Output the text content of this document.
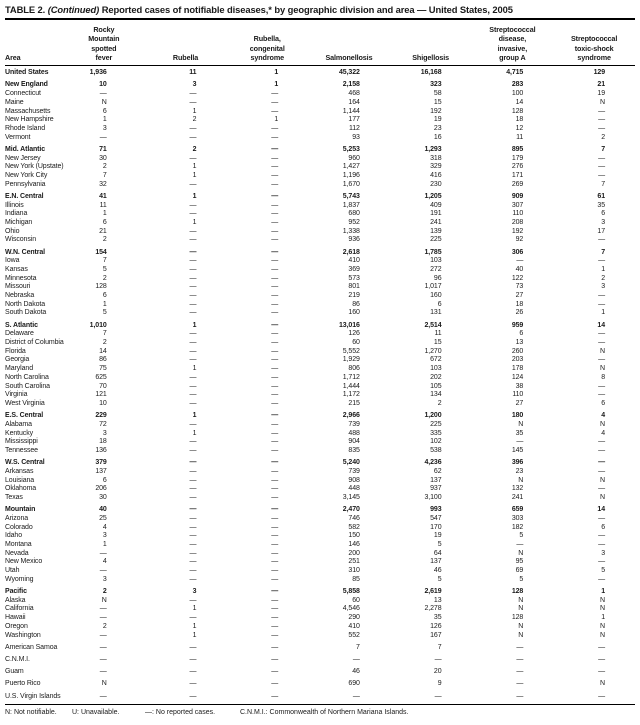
TABLE 2. (Continued) Reported cases of notifiable diseases,* by geographic division and area — United States, 2005
Area	Rocky
Mountain
spotted
fever	Rubella	Rubella,
congenital
syndrome	Salmonellosis	Shigellosis	Streptococcal
disease,
invasive,
group A	Streptococcal
toxic-shock
syndrome
United States	1,936	11	1	45,322	16,168	4,715	129
New England	10	3	1	2,158	323	283	21
Connecticut	—	—	—	468	58	100	19
Maine	N	—	—	164	15	14	N
Massachusetts	6	1	—	1,144	192	128	—
New Hampshire	1	2	1	177	19	18	—
Rhode Island	3	—	—	112	23	12	—
Vermont	—	—	—	93	16	11	2
Mid. Atlantic	71	2	—	5,253	1,293	895	7
New Jersey	30	—	—	960	318	179	—
New York (Upstate)	2	1	—	1,427	329	276	—
New York City	7	1	—	1,196	416	171	—
Pennsylvania	32	—	—	1,670	230	269	7
E.N. Central	41	1	—	5,743	1,205	909	61
Illinois	11	—	—	1,837	409	307	35
Indiana	1	—	—	680	191	110	6
Michigan	6	1	—	952	241	208	3
Ohio	21	—	—	1,338	139	192	17
Wisconsin	2	—	—	936	225	92	—
W.N. Central	154	—	—	2,618	1,785	306	7
Iowa	7	—	—	410	103	—	—
Kansas	5	—	—	369	272	40	1
Minnesota	2	—	—	573	96	122	2
Missouri	128	—	—	801	1,017	73	3
Nebraska	6	—	—	219	160	27	—
North Dakota	1	—	—	86	6	18	—
South Dakota	5	—	—	160	131	26	1
S. Atlantic	1,010	1	—	13,016	2,514	959	14
Delaware	7	—	—	126	11	6	—
District of Columbia	2	—	—	60	15	13	—
Florida	14	—	—	5,552	1,270	260	N
Georgia	86	—	—	1,929	672	203	—
Maryland	75	1	—	806	103	178	N
North Carolina	625	—	—	1,712	202	124	8
South Carolina	70	—	—	1,444	105	38	—
Virginia	121	—	—	1,172	134	110	—
West Virginia	10	—	—	215	2	27	6
E.S. Central	229	1	—	2,966	1,200	180	4
Alabama	72	—	—	739	225	N	N
Kentucky	3	1	—	488	335	35	4
Mississippi	18	—	—	904	102	—	—
Tennessee	136	—	—	835	538	145	—
W.S. Central	379	—	—	5,240	4,236	396	—
Arkansas	137	—	—	739	62	23	—
Louisiana	6	—	—	908	137	N	N
Oklahoma	206	—	—	448	937	132	—
Texas	30	—	—	3,145	3,100	241	N
Mountain	40	—	—	2,470	993	659	14
Arizona	25	—	—	746	547	303	—
Colorado	4	—	—	582	170	182	6
Idaho	3	—	—	150	19	5	—
Montana	1	—	—	146	5	—	—
Nevada	—	—	—	200	64	N	3
New Mexico	4	—	—	251	137	95	—
Utah	—	—	—	310	46	69	5
Wyoming	3	—	—	85	5	5	—
Pacific	2	3	—	5,858	2,619	128	1
Alaska	N	—	—	60	13	N	N
California	—	1	—	4,546	2,278	N	N
Hawaii	—	—	—	290	35	128	1
Oregon	2	1	—	410	126	N	N
Washington	—	1	—	552	167	N	N
American Samoa	—	—	—	7	7	—	—
C.N.M.I.	—	—	—	—	—	—	—
Guam	—	—	—	46	20	—	—
Puerto Rico	N	—	—	690	9	—	N
U.S. Virgin Islands	—	—	—	—	—	—	—
N: Not notifiable.	U: Unavailable.	—: No reported cases.	C.N.M.I.: Commonwealth of Northern Mariana Islands.
